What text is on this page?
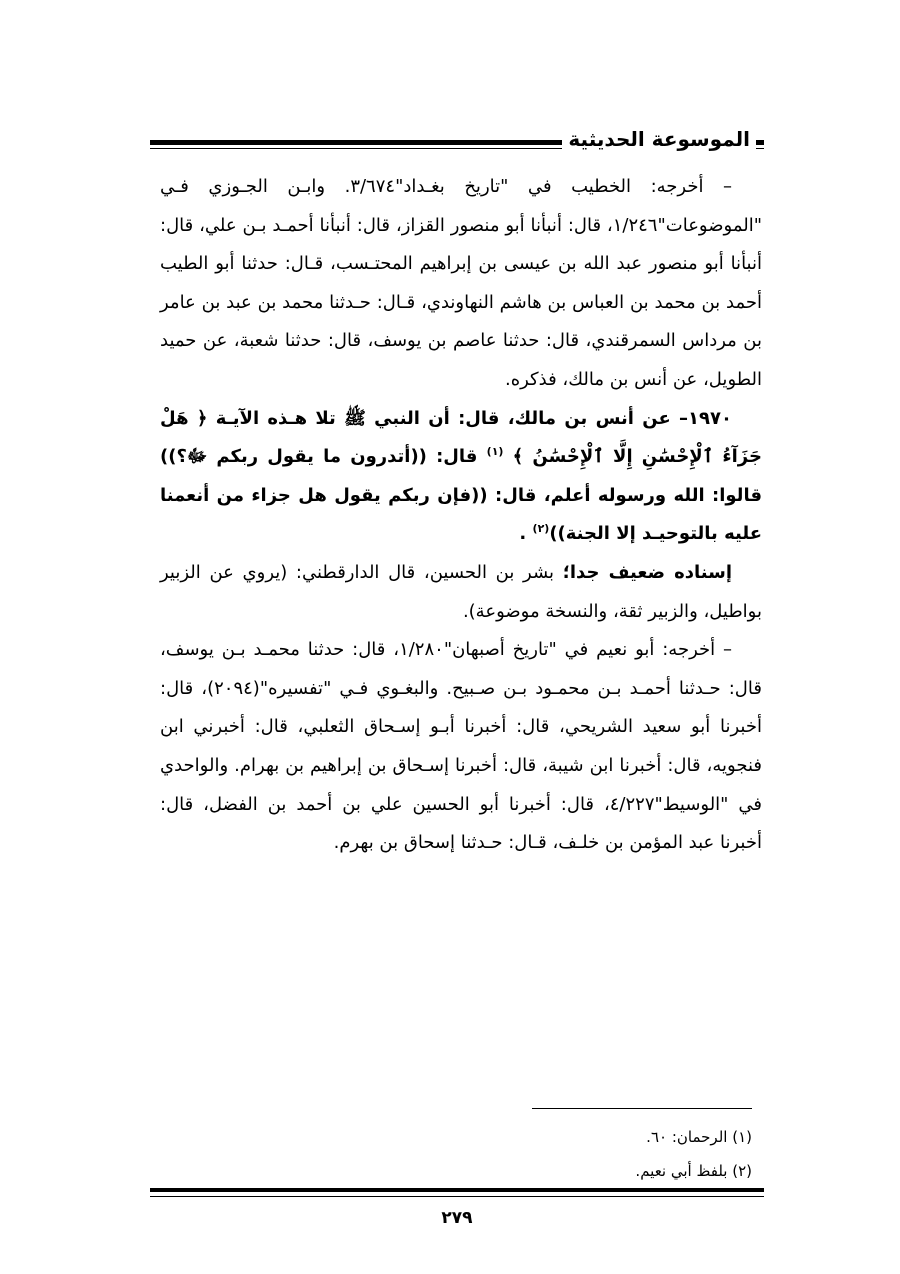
الموسوعة الحديثية

– أخرجه: الخطيب في "تاريخ بغـداد"٣/٦٧٤. وابـن الجـوزي فـي "الموضوعات"١/٢٤٦، قال: أنبأنا أبو منصور القزاز، قال: أنبأنا أحمـد بـن علي، قال: أنبأنا أبو منصور عبد الله بن عيسى بن إبراهيم المحتـسب، قـال: حدثنا أبو الطيب أحمد بن محمد بن العباس بن هاشم النهاوندي، قـال: حـدثنا محمد بن عبد بن عامر بن مرداس السمرقندي، قال: حدثنا عاصم بن يوسف، قال: حدثنا شعبة، عن حميد الطويل، عن أنس بن مالك، فذكره.

١٩٧٠– عن أنس بن مالك، قال: أن النبي ﷺ تلا هـذه الآيـة ﴿ هَلْ جَزَآءُ ٱلْإِحْسَٰنِ إِلَّا ٱلْإِحْسَٰنُ ﴾ $^{(١)}$ قال: ((أتدرون ما يقول ربكم ﷻ؟)) قالوا: الله ورسوله أعلم، قال: ((فإن ربكم يقول هل جزاء من أنعمنا عليه بالتوحيـد إلا الجنة))$^{(٢)}$ .

إسناده ضعيف جدا؛ بشر بن الحسين، قال الدارقطني: (يروي عن الزبير بواطيل، والزبير ثقة، والنسخة موضوعة).

– أخرجه: أبو نعيم في "تاريخ أصبهان"١/٢٨٠، قال: حدثنا محمـد بـن يوسف، قال: حـدثنا أحمـد بـن محمـود بـن صـبيح. والبغـوي فـي "تفسيره"(٢٠٩٤)، قال: أخبرنا أبو سعيد الشريحي، قال: أخبرنا أبـو إسـحاق الثعلبي، قال: أخبرني ابن فنجويه، قال: أخبرنا ابن شيبة، قال: أخبرنا إسـحاق بن إبراهيم بن بهرام. والواحدي في "الوسيط"٤/٢٢٧، قال: أخبرنا أبو الحسين علي بن أحمد بن الفضل، قال: أخبرنا عبد المؤمن بن خلـف، قـال: حـدثنا إسحاق بن بهرم.

(١) الرحمان: ٦٠.

(٢) بلفظ أبي نعيم.

٢٧٩
